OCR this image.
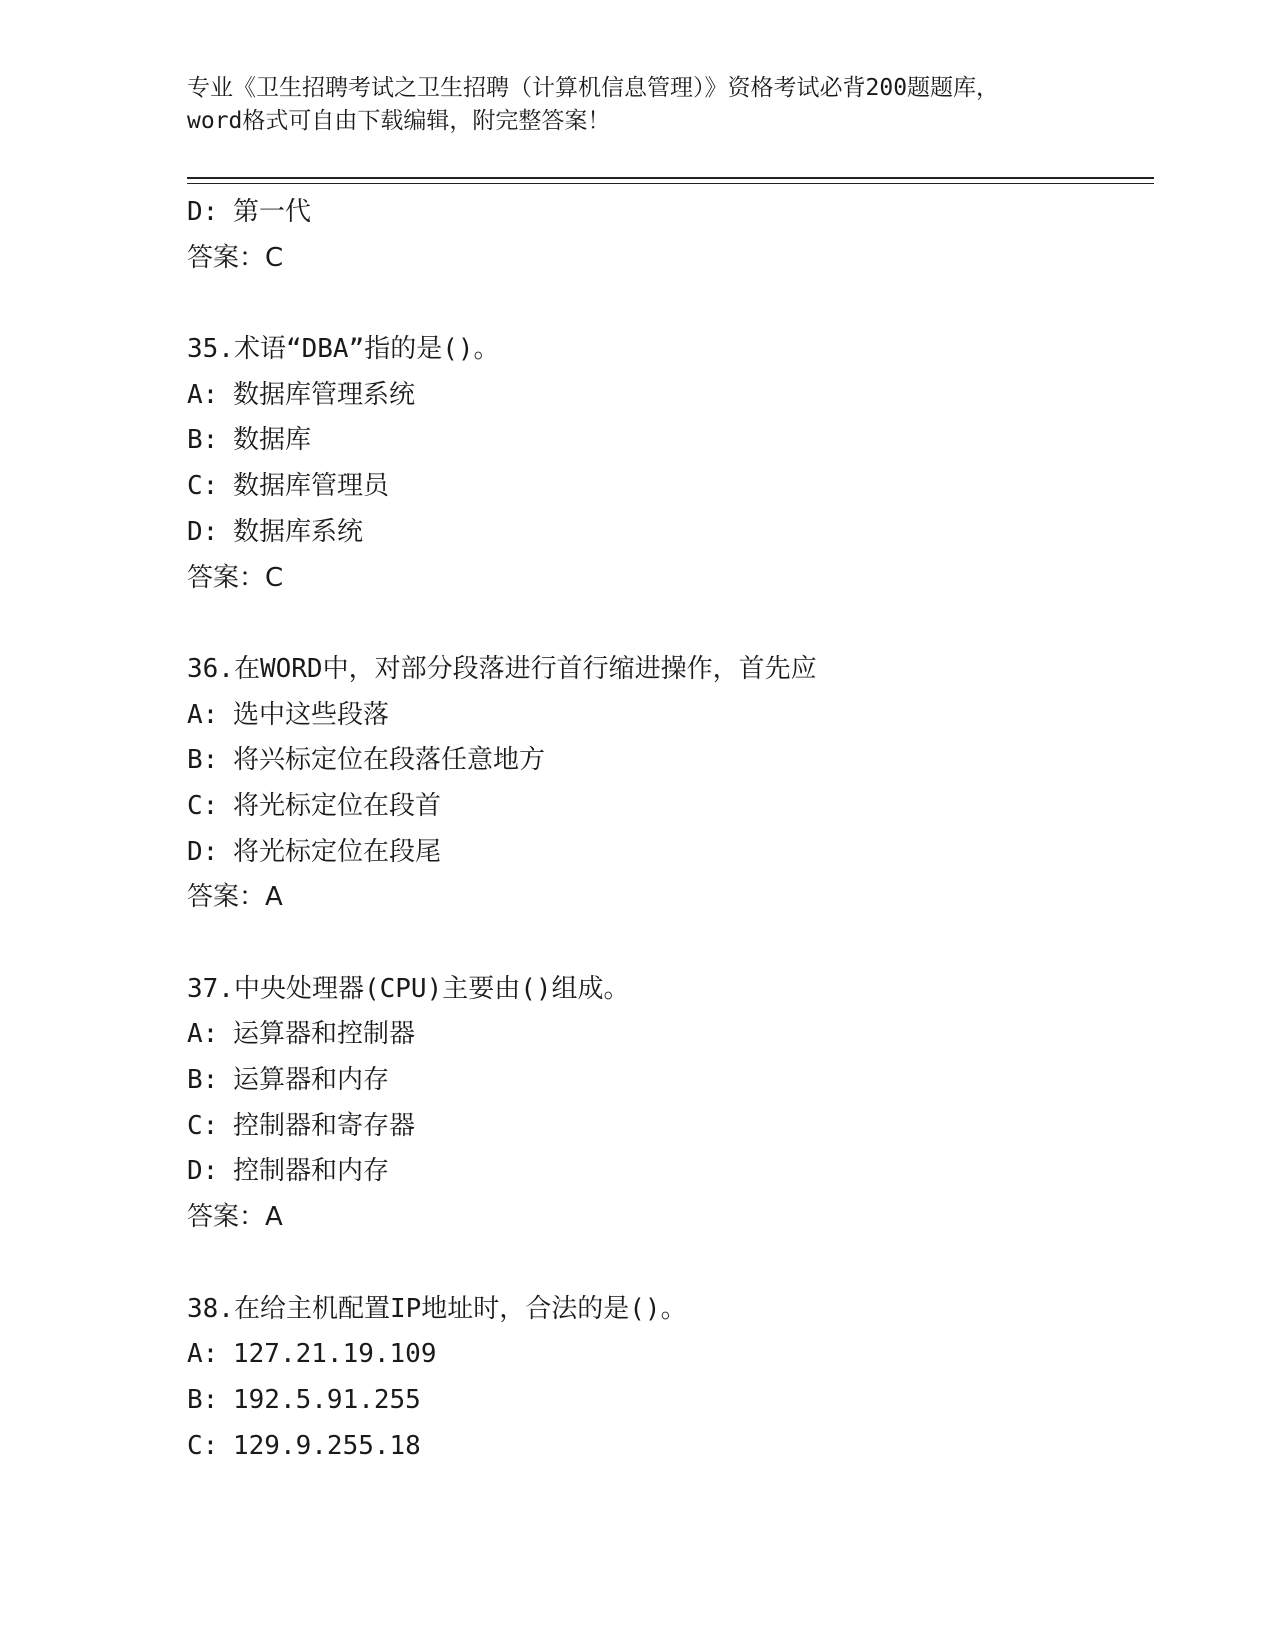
专业《卫生招聘考试之卫生招聘（计算机信息管理）》资格考试必背200题题库，
word格式可自由下载编辑，附完整答案！
D: 第一代
答案：C
35.术语“DBA”指的是()。
A: 数据库管理系统
B: 数据库
C: 数据库管理员
D: 数据库系统
答案：C
36.在WORD中，对部分段落进行首行缩进操作，首先应
A: 选中这些段落
B: 将兴标定位在段落任意地方
C: 将光标定位在段首
D: 将光标定位在段尾
答案：A
37.中央处理器(CPU)主要由()组成。
A: 运算器和控制器
B: 运算器和内存
C: 控制器和寄存器
D: 控制器和内存
答案：A
38.在给主机配置IP地址时，合法的是()。
A: 127.21.19.109
B: 192.5.91.255
C: 129.9.255.18
